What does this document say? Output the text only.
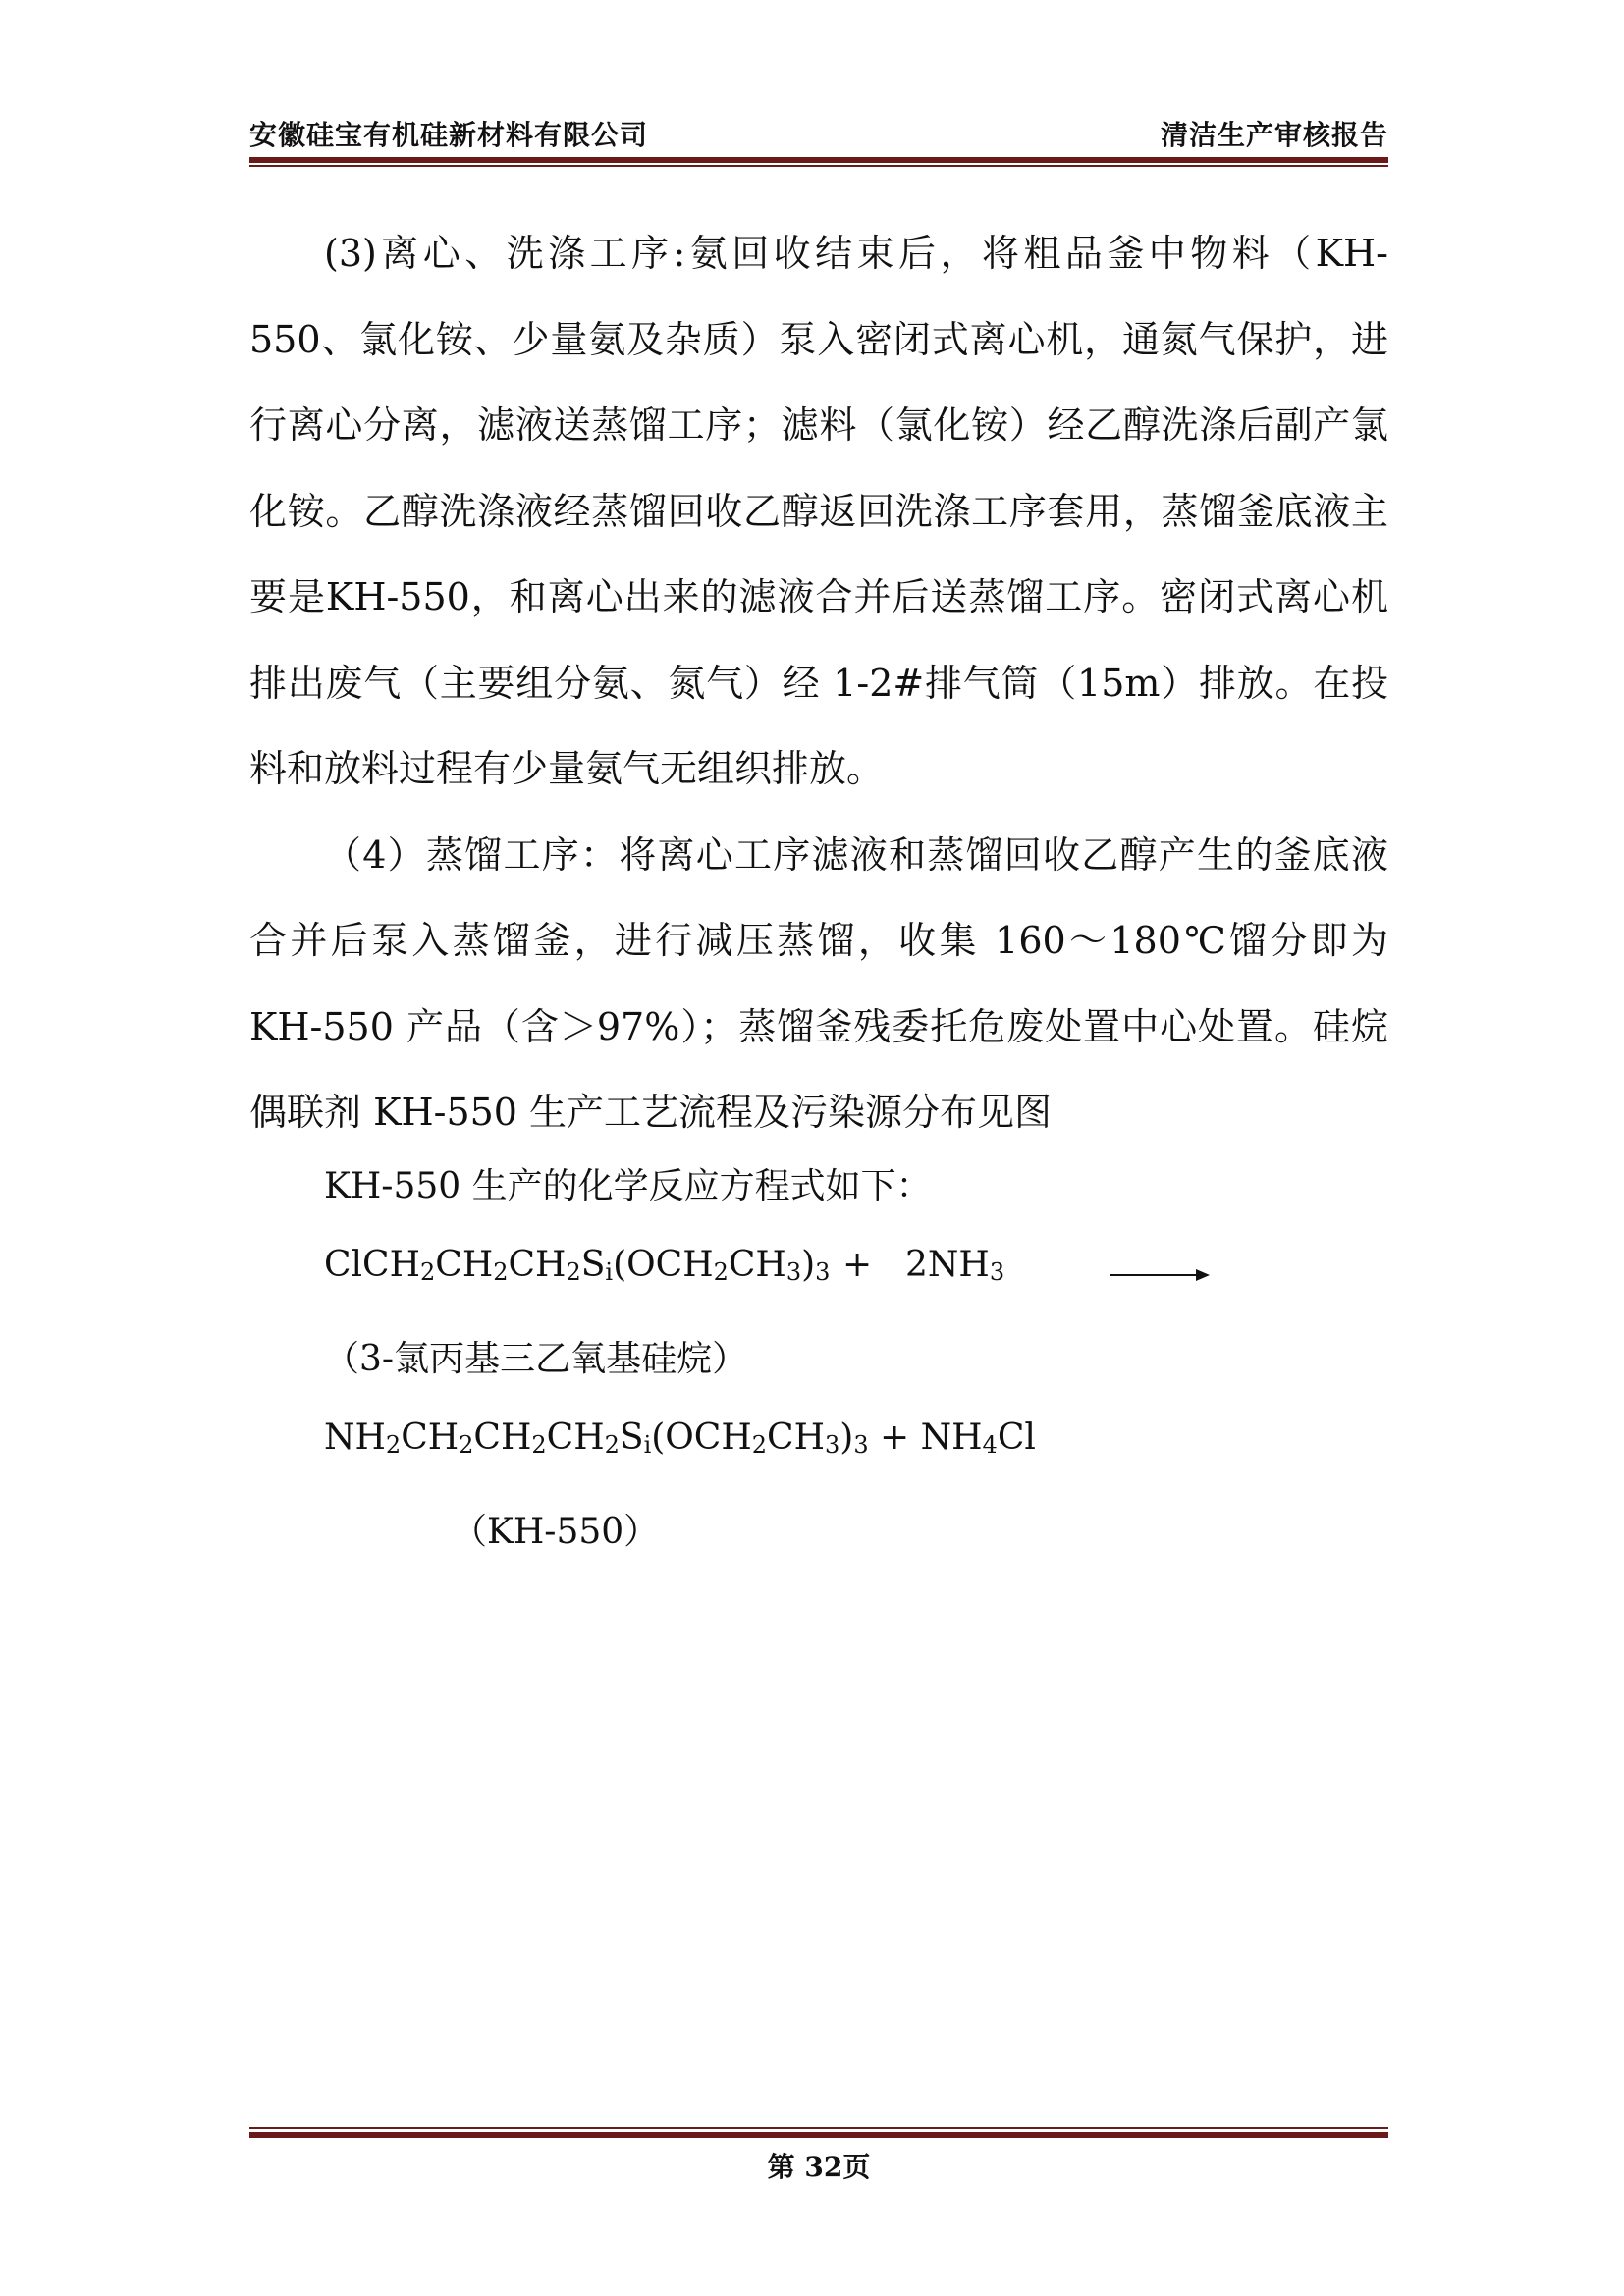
安徽硅宝有机硅新材料有限公司	清洁生产审核报告

(3)离心、洗涤工序:氨回收结束后，将粗品釜中物料（KH-550、氯化铵、少量氨及杂质）泵入密闭式离心机，通氮气保护，进行离心分离，滤液送蒸馏工序；滤料（氯化铵）经乙醇洗涤后副产氯化铵。乙醇洗涤液经蒸馏回收乙醇返回洗涤工序套用，蒸馏釜底液主要是KH-550，和离心出来的滤液合并后送蒸馏工序。密闭式离心机排出废气（主要组分氨、氮气）经 1-2#排气筒（15m）排放。在投料和放料过程有少量氨气无组织排放。

（4）蒸馏工序：将离心工序滤液和蒸馏回收乙醇产生的釜底液合并后泵入蒸馏釜，进行减压蒸馏，收集 160～180℃馏分即为 KH-550 产品（含＞97%）；蒸馏釜残委托危废处置中心处置。硅烷偶联剂 KH-550 生产工艺流程及污染源分布见图

KH-550 生产的化学反应方程式如下：
$ClCH_2CH_2CH_2S_i(OCH_2CH_3)_3 + 2NH_3$
（3-氯丙基三乙氧基硅烷）
$NH_2CH_2CH_2CH_2S_i(OCH_2CH_3)_3 + NH_4Cl$
（KH-550）
第 32页
